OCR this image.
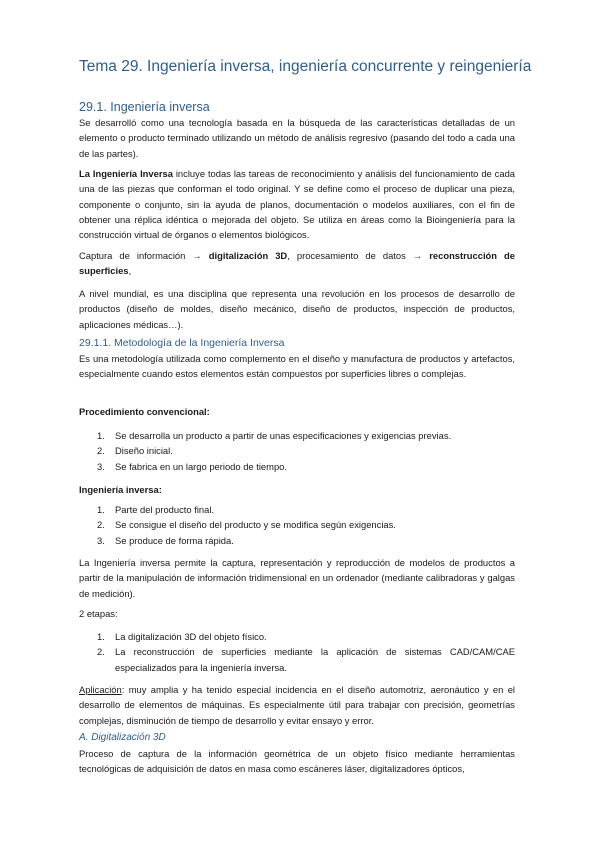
Tema 29. Ingeniería inversa, ingeniería concurrente y reingeniería
29.1. Ingeniería inversa
Se desarrolló como una tecnología basada en la búsqueda de las características detalladas de un elemento o producto terminado utilizando un método de análisis regresivo (pasando del todo a cada una de las partes).
La Ingeniería Inversa incluye todas las tareas de reconocimiento y análisis del funcionamiento de cada una de las piezas que conforman el todo original. Y se define como el proceso de duplicar una pieza, componente o conjunto, sin la ayuda de planos, documentación o modelos auxiliares, con el fin de obtener una réplica idéntica o mejorada del objeto. Se utiliza en áreas como la Bioingeniería para la construcción virtual de órganos o elementos biológicos.
Captura de información → digitalización 3D, procesamiento de datos → reconstrucción de superficies,
A nivel mundial, es una disciplina que representa una revolución en los procesos de desarrollo de productos (diseño de moldes, diseño mecánico, diseño de productos, inspección de productos, aplicaciones médicas…).
29.1.1. Metodología de la Ingeniería Inversa
Es una metodología utilizada como complemento en el diseño y manufactura de productos y artefactos, especialmente cuando estos elementos están compuestos por superficies libres o complejas.
Procedimiento convencional:
1.	Se desarrolla un producto a partir de unas especificaciones y exigencias previas.
2.	Diseño inicial.
3.	Se fabrica en un largo periodo de tiempo.
Ingeniería inversa:
1.	Parte del producto final.
2.	Se consigue el diseño del producto y se modifica según exigencias.
3.	Se produce de forma rápida.
La Ingeniería inversa permite la captura, representación y reproducción de modelos de productos a partir de la manipulación de información tridimensional en un ordenador (mediante calibradoras y galgas de medición).
2 etapas:
1.	La digitalización 3D del objeto físico.
2.	La reconstrucción de superficies mediante la aplicación de sistemas CAD/CAM/CAE especializados para la ingeniería inversa.
Aplicación: muy amplia y ha tenido especial incidencia en el diseño automotriz, aeronáutico y en el desarrollo de elementos de máquinas. Es especialmente útil para trabajar con precisión, geometrías complejas, disminución de tiempo de desarrollo y evitar ensayo y error.
A. Digitalización 3D
Proceso de captura de la información geométrica de un objeto físico mediante herramientas tecnológicas de adquisición de datos en masa como escáneres láser, digitalizadores ópticos,
